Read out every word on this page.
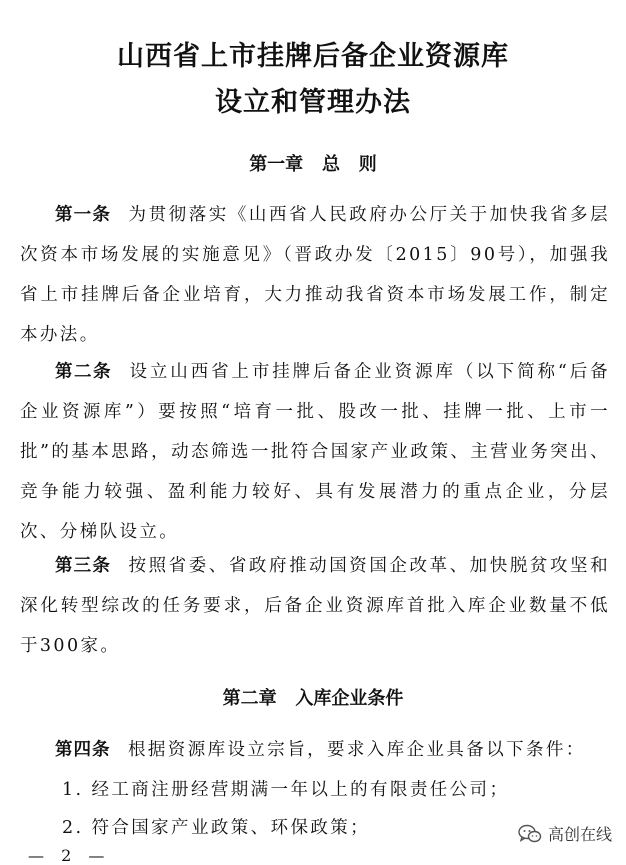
山西省上市挂牌后备企业资源库
设立和管理办法
第一章   总   则

第一条 为贯彻落实《山西省人民政府办公厅关于加快我省多层次资本市场发展的实施意见》（晋政办发〔2015〕90号），加强我省上市挂牌后备企业培育，大力推动我省资本市场发展工作，制定本办法。

第二条 设立山西省上市挂牌后备企业资源库（以下简称“后备企业资源库”）要按照“培育一批、股改一批、挂牌一批、上市一批”的基本思路，动态筛选一批符合国家产业政策、主营业务突出、竞争能力较强、盈利能力较好、具有发展潜力的重点企业，分层次、分梯队设立。

第三条 按照省委、省政府推动国资国企改革、加快脱贫攻坚和深化转型综改的任务要求，后备企业资源库首批入库企业数量不低于300家。

第二章   入库企业条件

第四条 根据资源库设立宗旨，要求入库企业具备以下条件：

1. 经工商注册经营期满一年以上的有限责任公司；

2. 符合国家产业政策、环保政策；

— 2 —

高创在线
